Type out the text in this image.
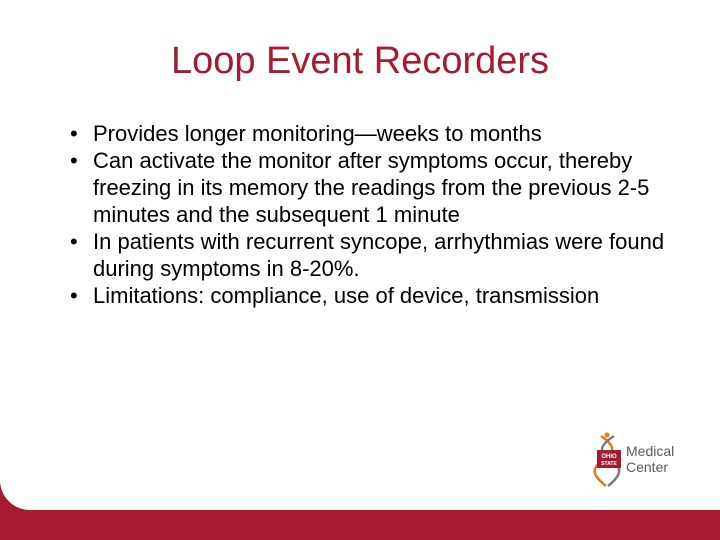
Loop Event Recorders
• Provides longer monitoring—weeks to months
• Can activate the monitor after symptoms occur, thereby freezing in its memory the readings from the previous 2-5 minutes and the subsequent 1 minute
• In patients with recurrent syncope, arrhythmias were found during symptoms in 8-20%.
• Limitations: compliance, use of device, transmission
OHIO
STATE
Medical
Center
